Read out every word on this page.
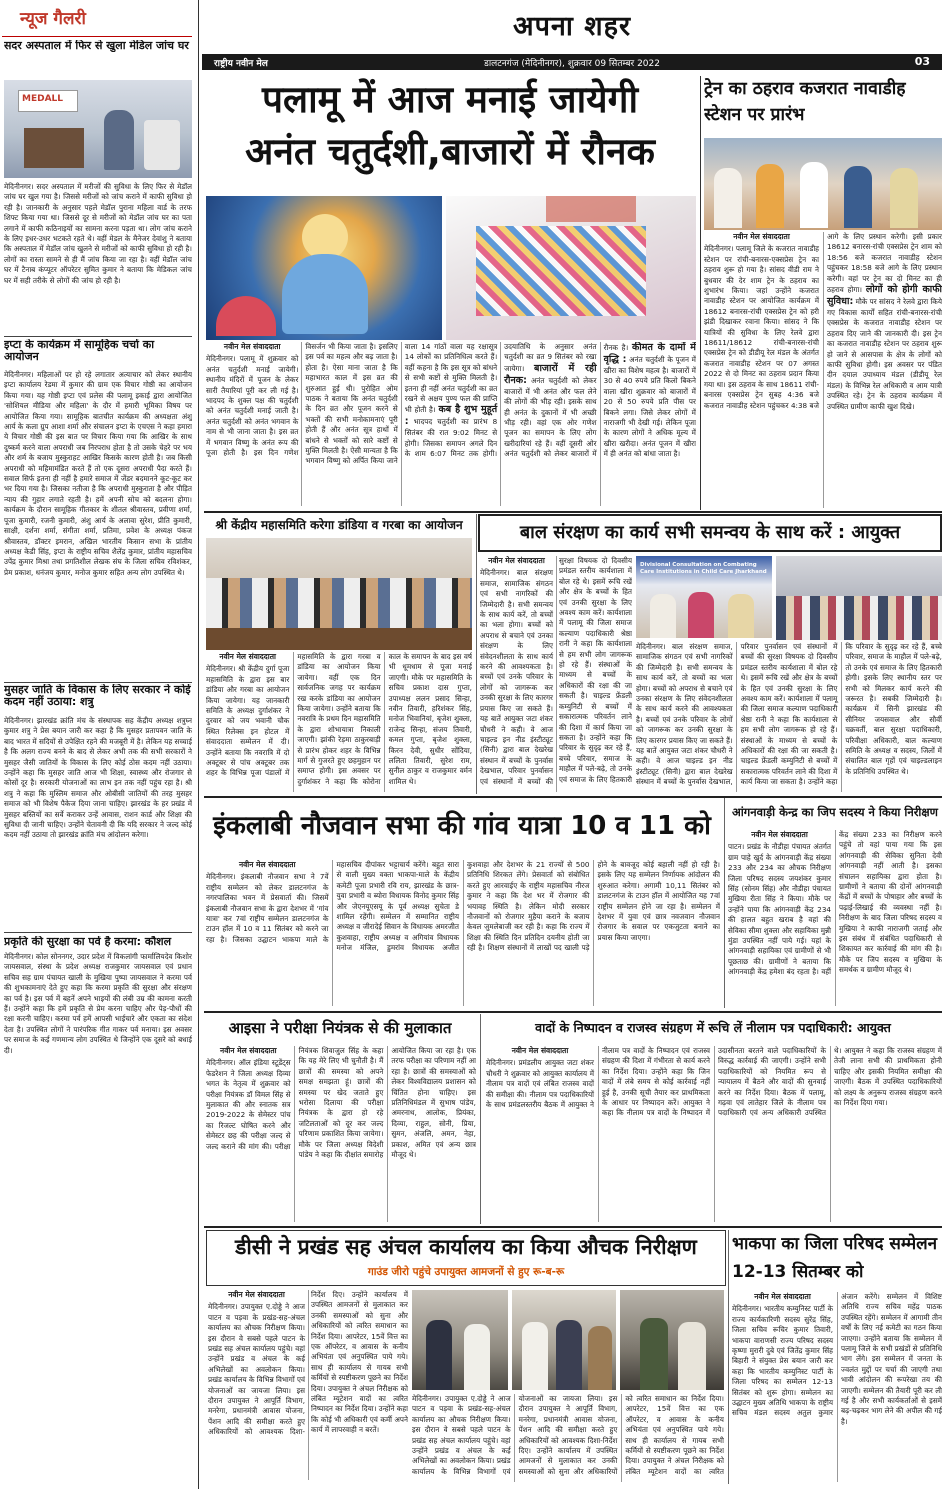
न्यूज गैलरी
सदर अस्पताल में फिर से खुला मेडिल जांच घर
MEDALL
मेदिनीनगर। सदर अस्पताल में मरीजों की सुविधा के लिए फिर से मेडॉल जांच घर खुल गया है। जिससे मरीजों को जांच कराने में काफी सुविधा हो रही है। जानकारी के अनुसार पहले मेडॉल पुराना महिला वार्ड के तरफ शिफ्ट किया गया था। जिससे दूर से मरीजों को मेडॉल जांच घर का पता लगाने में काफी कठिनाइयों का सामना करना पड़ता था। लोग जांच कराने के लिए इधर-उधर भटकते रहते थे। वहीं मेडल के मैनेजर देवांशु ने बताया कि अस्पताल में मेडॉल जांच खुलने से मरीजों को काफी सुविधा हो रही है। लोगों का रास्ता सामने से ही मैं जांच किया जा रहा है। वहीं मेडॉल जांच घर में टैनाब कंप्यूटर ऑपरेटर सुमित कुमार ने बताया कि मेडिकल जांच घर में सही तरीके से लोगों की जांच हो रही है।
इप्टा के कार्यक्रम में सामूहिक चर्चा का आयोजन
मेदिनीनगर। महिलाओं पर हो रहे लगातार अत्याचार को लेकर स्थानीय इप्टा कार्यालय रेडमा में कुमार की ग्राम एक विचार गोष्ठी का आयोजन किया गया। यह गोष्ठी इप्टा एवं प्रलेस की पलामू इकाई द्वारा आयोजित 'सोशियल मीडिया और महिला' के दौर में हमारी भूमिका विषय पर आयोजित किया गया। सामूहिक बातचीत कार्यक्रम की अध्यक्षता अंशु आर्य के कला ग्रुप आशा शर्मा और संचालन इप्टा के एचएस ने कहा हमारा ये विचार गोष्ठी की इस बात पर विचार किया गया कि आखिर के साथ दुष्कर्म करने वाला अपराधी जब निरपराध होता है तो उसके चेहरे पर भय और शर्म के बजाय मुस्कुराहट आखिर किसके कारण होती है। जब किसी अपराधी को महिमामंडित करते हैं तो एक दूसरा अपराधी पैदा करते हैं। सवाल सिर्फ इतना ही नहीं है हमारे समाज में जेंडर बदमानने कूट-कूट कर भर दिया गया है। जिसका नतीजा है कि अपराधी मुस्कुराता है और पीड़ित न्याय की गुहार लगाते रहती है। हमें अपनी सोच को बदलना होगा। कार्यक्रम के दौरान सामूहिक गीतकार के शीतल श्रीवास्तव, प्रवीणा शर्मा, पूजा कुमारी, रजनी कुमारी, अंशु आर्य के अलावा सुरेश, प्रीति कुमारी, साक्षी, दर्शना शर्मा, संगीता शर्मा, प्रतिमा, प्रवेश के अध्यक्ष पंकज श्रीवास्तव, डॉक्टर इमरान, अखिल भारतीय किसान सभा के प्रांतीय अध्यक्ष केडी सिंह, इप्टा के राष्ट्रीय सचिव शैलेंद्र कुमार, प्रांतीय महासचिव उपेंद्र कुमार मिश्रा तथा प्रगतिशील लेखक संघ के जिला सचिव रविशंकर, प्रेम प्रकाश, धनंजय कुमार, मनोज कुमार सहित अन्य लोग उपस्थित थे।
मुसहर जाति के विकास के लिए सरकार ने कोई कदम नहीं उठाया: शत्रु
मेदिनीनगर। झारखंड क्रांति मंच के संस्थापक सह केंद्रीय अध्यक्ष शत्रुघ्न कुमार शत्रु ने प्रेस बयान जारी कर कहा है कि मुसहर प्रतापवन जाति के बाद भारत में सदियों से उपेक्षित रहने की मजबूरी में है। लेकिन यह सच्चाई है कि अलग राज्य बनने के बाद से लेकर अभी तक की सभी सरकारों ने मुसहर जैसी जातियों के विकास के लिए कोई ठोस कदम नहीं उठाया। उन्होंने कहा कि मुसहर जाति आज भी शिक्षा, स्वास्थ्य और रोजगार से कोसों दूर है। सरकारी योजनाओं का लाभ इन तक नहीं पहुंच रहा है। श्री शत्रु ने कहा कि मुस्लिम समाज और ओबीसी जातियों की तरह मुसहर समाज को भी विशेष पैकेज दिया जाना चाहिए। झारखंड के हर प्रखंड में मुसहर बस्तियों का सर्वे कराकर उन्हें आवास, राशन कार्ड और शिक्षा की सुविधा दी जानी चाहिए। उन्होंने चेतावनी दी कि यदि सरकार ने जल्द कोई कदम नहीं उठाया तो झारखंड क्रांति मंच आंदोलन करेगा।
प्रकृति की सुरक्षा का पर्व है करमा: कौशल
मेदिनीनगर। कोल सोननगर, उदार प्रदेश में विकलांगी फार्मालियदेव किशोर जायसवाल, संस्था के प्रदेश अध्यक्ष राजकुमार जायसवाल एवं प्रधान सचिव सह ग्राम पंचायत खाली के मुखिया पुष्पा जायसवाल ने करमा पर्व की शुभकामनाएं देते हुए कहा कि करमा प्रकृति की सुरक्षा और संरक्षण का पर्व है। इस पर्व में बहनें अपने भाइयों की लंबी उम्र की कामना करती हैं। उन्होंने कहा कि हमें प्रकृति से प्रेम करना चाहिए और पेड़-पौधों की रक्षा करनी चाहिए। करमा पर्व हमें आपसी भाईचारे और एकता का संदेश देता है। उपस्थित लोगों ने पारंपरिक गीत गाकर पर्व मनाया। इस अवसर पर समाज के कई गणमान्य लोग उपस्थित थे जिन्होंने एक दूसरे को बधाई दी।
अपना शहर
राष्ट्रीय नवीन मेल	डालटनगंज (मेदिनीनगर), शुक्रवार 09 सितम्बर 2022	03
पलामू में आज मनाई जायेगी
अनंत चतुर्दशी,बाजारों में रौनक
नवीन मेल संवाददाता
मेदिनीनगर। पलामू में शुक्रवार को अनंत चतुर्दशी मनाई जायेगी। स्थानीय मंदिरों में पूजन के लेकर सारी तैयारियां पूरी कर ली गई है। भादपद के शुक्ल पक्ष की चतुर्दशी को अनंत चतुर्दशी मनाई जाती है। अनंत चतुर्दशी को अनंत भगवान के नाम से भी जाना जाता है। इस व्रत में भगवान विष्णु के अनंत रूप की पूजा होती है। इस दिन गणेश विसर्जन भी किया जाता है। इसलिए इस पर्व का महत्व और बढ़ जाता है। होता है। ऐसा माना जाता है कि महाभारत काल में इस व्रत की शुरुआत हुई थी। पुरोहित ओम पाठक ने बताया कि अनंत चतुर्दशी के दिन व्रत और पूजन करने से भक्तों की सभी मनोकामनाएं पूरी होती हैं और अनंत सूत्र हाथों में बांधने से भक्तों को सारे कष्टों से मुक्ति मिलती है। ऐसी मान्यता है कि भगवान विष्णु को अर्पित किया जाने वाला 14 गांठों वाला यह रक्षासूत्र 14 लोकों का प्रतिनिधित्व करते हैं। वहीं कहना है कि इस सूत्र को बांधने से सभी कष्टों से मुक्ति मिलती है। इतना ही नहीं अनंत चतुर्दशी का व्रत रखने से अक्षय पुण्य फल की प्राप्ति भी होती है। कब है शुभ मुहूर्त : भादपद चतुर्दशी का प्रारंभ 8 सितंबर की रात 9:02 मिनट से होगी। जिसका समापन अगले दिन के शाम 6:07 मिनट तक होगी। उदयातिथि के अनुसार अनंत चतुर्दशी का व्रत 9 सितंबर को रखा जायेगा। बाजारों में रही रौनक: अनंत चतुर्दशी को लेकर बाजारों में भी अनंत और फल लेने की लोगों की भीड़ रही। इसके साथ ही अनंत के दुकानों में भी अच्छी भीड़ रही। वहां एक ओर गणेश पूजन का समापन के लिए लोग खरीदारियां रहे हैं। वहीं दूसरी ओर अनंत चतुर्दशी को लेकर बाजारों में रौनक है। कीमत के दामों में वृद्धि : अनंत चतुर्दशी के पूजन में खीरा का विशेष महत्व है। बाजारों में 30 से 40 रुपये प्रति किलो बिकने वाला खीरा शुक्रवार को बाजारों में 20 से 50 रुपये प्रति पीस पर बिकने लगा। जिसे लेकर लोगों में नाराजगी भी देखी गई। लेकिन पूजा के कारण लोगों ने अधिक मूल्य में खीरा खरीदा। अनंत पूजन में खीरा में ही अनंत को बांधा जाता है।
ट्रेन का ठहराव कजरात नावाडीह स्टेशन पर प्रारंभ
नवीन मेल संवाददाता
मेदिनीनगर। पलामू जिले के कजरात नावाडीह स्टेशन पर रांची-बनारस-एक्सप्रेस ट्रेन का ठहराव शुरू हो गया है। सांसद वीडी राम ने बुधवार की देर शाम ट्रेन के ठहराव का शुभारंभ किया। जहां उन्होंने कजरात नावाडीह स्टेशन पर आयोजित कार्यक्रम में 18612 बनारस-रांची एक्सप्रेस ट्रेन को हरी झंडी दिखाकर रवाना किया। सांसद ने कि यात्रियों की सुविधा के लिए रेलवे द्वारा 18611/18612 रांची-बनारस-रांची एक्सप्रेस ट्रेन को डीडीयू रेल मंडल के अंतर्गत कजरात नावाडीह स्टेशन पर 07 अगस्त 2022 से दो मिनट का ठहराव प्रदान किया गया था। इस ठहराव के साथ 18611 रांची-बनारस एक्सप्रेस ट्रेन सुबह 4:36 बजे कजरात नावाडीह स्टेशन पहुंचकर 4:38 बजे आगे के लिए प्रस्थान करेगी। इसी प्रकार 18612 बनारस-रांची एक्सप्रेस ट्रेन शाम को 18:56 बजे कजरात नावाडीह स्टेशन पहुंचकर 18:58 बजे आगे के लिए प्रस्थान करेगी। वहां पर ट्रेन का दो मिनट का ही ठहराव होगा। लोगों को होगी काफी सुविधा: मौके पर सांसद ने रेलवे द्वारा किये गए विकास कार्यों सहित रांची-बनारस-रांची एक्सप्रेस के कजरात नावाडीह स्टेशन पर ठहराव दिए जाने की जानकारी दी। इस ट्रेन का कजरात नावाडीह स्टेशन पर ठहराव शुरू हो जाने से आसपास के क्षेत्र के लोगों को काफी सुविधा होगी। इस अवसर पर पंडित दीन दयाल उपाध्याय मंडल (डीडीयू रेल मंडल) के विभिन्न रेल अधिकारी व आम यात्री उपस्थित रहे। ट्रेन के ठहराव कार्यक्रम में उपस्थित ग्रामीण काफी खुश दिखे।
श्री केंद्रीय महासमिति करेगा डांडिया व गरबा का आयोजन
नवीन मेल संवाददाता
मेदिनीनगर। श्री केंद्रीय दुर्गा पूजा महासमिति के द्वारा इस बार डांडिया और गरबा का आयोजन किया जायेगा। यह जानकारी समिति के अध्यक्ष दुर्गाशंकर ने दुरवार को जय भवानी चौक स्थित रिलेक्स इन होटल में संवाददाता सम्मेलन में दी। उन्होंने बताया कि नवरात्रि में दो अक्टूबर से पांच अक्टूबर तक शहर के विभिन्न पूजा पंडालों में महासमिति के द्वारा गरबा व डांडिया का आयोजन किया जायेगा। वहीं एक दिन सार्वजनिक जगह पर कार्यक्रम रख करके डांडिया का आयोजन किया जायेगा। उन्होंने बताया कि नवरात्रि के प्रथम दिन महासमिति के द्वारा शोभायात्रा निकाली जाएगी। झांकी रेड़मा ठाकुरबाड़ी से प्रारंभ होकर शहर के विभिन्न मार्ग से गुजरते हुए छहमुहान पर समाप्त होगी। इस अवसर पर दुर्गाशंकर ने कहा कि कोरोना काल के समापन के बाद इस वर्ष भी धूमधाम से पूजा मनाई जाएगी। मौके पर महासमिति के सचिव प्रकाश दास गुप्ता, उपाध्यक्ष ललन प्रसाद सिन्हा, नवीन तिवारी, हरिशंकर सिंह, मनोज भिवानियां, बृजेश शुक्ला, राजेन्द्र सिन्हा, संजय तिवारी, कमल गुप्ता, बृजेश शुक्ला, किरन देवी, सुधीर सोंदिया, ललिता तिवारी, सुरेश राम, सुनील ठाकुर व राजकुमार वर्मन शामिल थे।
बाल संरक्षण का कार्य सभी समन्वय के साथ करें : आयुक्त
Divisional Consultation on Combating Care Institutions in Child Care Jharkhand
नवीन मेल संवाददाता
मेदिनीनगर। बाल संरक्षण समाज, सामाजिक संगठन एवं सभी नागरिकों की जिम्मेदारी है। सभी समन्वय के साथ कार्य करें, तो बच्चों का भला होगा। बच्चों को अपराध से बचाने एवं उनका संरक्षण के लिए संवेदनशीलता के साथ कार्य करने की आवश्यकता है। बच्चों एवं उनके परिवार के लोगों को जागरूक कर उनकी सुरक्षा के लिए कारगर प्रयास किए जा सकते हैं। यह बातें आयुक्त जटा शंकर चौधरी ने कही। वे आज चाइल्ड इन नीड इंस्टीट्यूट (सिनी) द्वारा बाल देखरेख संस्थान में बच्चों के पुनर्वास देखभाल, परिवार पुनर्वासन एवं संस्थानों में बच्चों की सुरक्षा विषयक दो दिवसीय प्रमंडल स्तरीय कार्यशाला में बोल रहे थे। इसमें रूचि रखें और क्षेत्र के बच्चों के हित एवं उनकी सुरक्षा के लिए अवश्य काम करें। कार्यशाला में पलामू की जिला समाज कल्याण पदाधिकारी श्रेष्ठा रानी ने कहा कि कार्यशाला से हम सभी लोग जागरूक हो रहे हैं। संस्थाओं के माध्यम से बच्चों के अधिकारों की रक्षा की जा सकती है। चाइल्ड फ्रेंडली कम्युनिटी से बच्चों में सकारात्मक परिवर्तन लाने की दिशा में कार्य किया जा सकता है। उन्होंने कहा कि परिवार के सुदृढ़ कर रहे हैं, बच्चे परिवार, समाज के माहौल में पले-बढ़े, तो उनके एवं समाज के लिए हितकारी
मेदिनीनगर। बाल संरक्षण समाज, सामाजिक संगठन एवं सभी नागरिकों की जिम्मेदारी है। सभी समन्वय के साथ कार्य करें, तो बच्चों का भला होगा। बच्चों को अपराध से बचाने एवं उनका संरक्षण के लिए संवेदनशीलता के साथ कार्य करने की आवश्यकता है। बच्चों एवं उनके परिवार के लोगों को जागरूक कर उनकी सुरक्षा के लिए कारगर प्रयास किए जा सकते हैं। यह बातें आयुक्त जटा शंकर चौधरी ने कही। वे आज चाइल्ड इन नीड इंस्टीट्यूट (सिनी) द्वारा बाल देखरेख संस्थान में बच्चों के पुनर्वास देखभाल, परिवार पुनर्वासन एवं संस्थानों में बच्चों की सुरक्षा विषयक दो दिवसीय प्रमंडल स्तरीय कार्यशाला में बोल रहे थे। इसमें रूचि रखें और क्षेत्र के बच्चों के हित एवं उनकी सुरक्षा के लिए अवश्य काम करें। कार्यशाला में पलामू की जिला समाज कल्याण पदाधिकारी श्रेष्ठा रानी ने कहा कि कार्यशाला से हम सभी लोग जागरूक हो रहे हैं। संस्थाओं के माध्यम से बच्चों के अधिकारों की रक्षा की जा सकती है। चाइल्ड फ्रेंडली कम्युनिटी से बच्चों में सकारात्मक परिवर्तन लाने की दिशा में कार्य किया जा सकता है। उन्होंने कहा कि परिवार के सुदृढ़ कर रहे हैं, बच्चे परिवार, समाज के माहौल में पले-बढ़े, तो उनके एवं समाज के लिए हितकारी होगी। इसके लिए स्थानीय स्तर पर सभी को मिलकर कार्य करने की जरूरत है। सबकी जिम्मेदारी है। कार्यक्रम में सिनी झारखंड की सीनियर जयसवाल और सौर्वी चक्रवर्ती, बाल सुरक्षा पदाधिकारी, परिवीक्षा अधिकारी, बाल कल्याण समिति के अध्यक्ष व सदस्य, जिलों में संचालित बाल गृहों एवं चाइल्डलाइन के प्रतिनिधि उपस्थित थे।
इंकलाबी नौजवान सभा की गांव यात्रा 10 व 11 को
नवीन मेल संवाददाता
मेदिनीनगर। इंकलाबी नौजवान सभा ने 7वें राष्ट्रीय सम्मेलन को लेकर डालटनगंज के नगरपालिका भवन में प्रेसवार्ता की। जिसमें इंकलाबी नौजवान सभा के द्वारा देशभर में 'गांव यात्रा' कर 7वां राष्ट्रीय सम्मेलन डालटनगंज के टाउन हॉल में 10 व 11 सितंबर को करने जा रहा है। जिसका उद्घाटन भाकपा माले के महासचिव दीपांकर भट्टाचार्य करेंगे। बहुत सारा से वाली मुख्य वक्ता भाकपा-माले के केंद्रीय कमेटी पूजा प्रभारी रवि राय, झारखंड के छात्र-युवा प्रभारी व ब्योरा विधायक विनोद कुमार सिंह और जेएनयूएसयू के पूर्व अध्यक्ष सुचेता डे शामिल रहेंगी। सम्मेलन में सम्मानित राष्ट्रीय अध्यक्ष व जीरादेई सिवान के विधायक अमरजीत कुशवाहा, राष्ट्रीय अध्यक्ष व अगियांव विधायक मनोज मंजिल, डुमरांव विधायक अजीत कुशवाहा और देशभर के 21 राज्यों से 500 प्रतिनिधि शिरकत लेंगे। प्रेसवार्ता को संबोधित करते हुए आरवाईए के राष्ट्रीय महासचिव नीरज कुमार ने कहा कि देश भर में रोजगार की भयावह स्थिति है। लेकिन मोदी सरकार नौजवानों को रोजगार मुहैया कराने के बजाय केवल जुमलेबाजी कर रही है। कहा कि राज्य में शिक्षा की स्थिति दिन प्रतिदिन दयनीय होती जा रही है। शिक्षण संस्थानों में लाखों पद खाली पड़े होने के बावजूद कोई बहाली नहीं हो रही है। इसके लिए यह सम्मेलन निर्णायक आंदोलन की शुरुआत करेगा। अगामी 10,11 सितंबर को डालटनगंज के टाउन हॉल में आयोजित यह 7वां राष्ट्रीय सम्मेलन होने जा रहा है। सम्मेलन में देशभर में युवा एवं छात्र नवजवान नौजवान रोजगार के सवाल पर एकजुटता बनाने का प्रयास किया जाएगा।
आंगनवाड़ी केन्द्र का जिप सदस्य ने किया निरीक्षण
नवीन मेल संवाददाता
पाटन। प्रखंड के नौडीहा पंचायत अंतर्गत ग्राम पाहे खुर्द के आंगनवाड़ी केंद्र संख्या 233 और 234 का औचक निरीक्षण जिला परिषद सदस्य जयशंकर कुमार सिंह (सोनम सिंह) और नौडीहा पंचायत मुखिया रीता सिंह ने किया। मौके पर उन्होंने पाया कि आंगनवाड़ी केंद्र 234 की हालत बहुत खराब है वहां की सेविका सीमा शुक्ला और सहायिका मुन्नी मुंडा उपस्थित नहीं पाये गई। यहां के आंगनवाड़ी सहायिका एवं ग्रामीणों से भी पूछताछ की। ग्रामीणों ने बताया कि आंगनवाड़ी केंद्र हमेशा बंद रहता है। वहीं केंद्र संख्या 233 का निरीक्षण करने पहुंचे तो वहां पाया गया कि इस आंगनवाड़ी की सेविका सुनिता देवी आंगनवाड़ी नहीं आती है। इसका संचालन सहायिका द्वारा होता है। ग्रामीणों ने बताया की दोनों आंगनवाड़ी केंद्रों में बच्चों के पोषाहार और बच्चों के पढ़ाई-लिखाई की व्यवस्था नहीं है। निरीक्षण के बाद जिला परिषद सदस्य व मुखिया ने काफी नाराजगी जताई और इस संबंध में संबंधित पदाधिकारी से शिकायत कर कार्रवाई की मांग की है। मौके पर जिप सदस्य व मुखिया के समर्थक व ग्रामीण मौजूद थे।
आइसा ने परीक्षा नियंत्रक से की मुलाकात
नवीन मेल संवाददाता
मेदिनीनगर। ऑल इंडिया स्टूडेंट्स फेडरेशन ने जिला अध्यक्ष दिव्या भगत के नेतृत्व में शुक्रवार को परीक्षा नियंत्रक डॉ विमल सिंह से मुलाकात की और स्नातक सत्र 2019-2022 के सेमेस्टर पांच का रिजल्ट घोषित करने और सेमेस्टर छह की परीक्षा जल्द से जल्द कराने की मांग की। परीक्षा नियंत्रक शिवाजुल सिंह के कहा कि यह मेरे लिए भी चुनौती है। मैं छात्रों की समस्या को अपने समक्ष समझता हूं। छात्रों की समस्या पर खेद जताते हुए भरोसा दिलाया की परीक्षा नियंत्रक के द्वारा हो रहे जटिलताओं को दूर कर जल्द परिणाम प्रकाशित किया जायेगा। मौके पर जिला अध्यक्ष विदेशी पांडेय ने कहा कि दीक्षांत समारोह आयोजित किया जा रहा है। एक तरफ परीक्षा का परिणाम नहीं आ रहा है। छात्रों की समस्याओं को लेकर विश्वविद्यालय प्रशासन को चिंतित होना चाहिए। इस प्रतिनिधिमंडल में सुभाष पांडेय, अमरनाथ, आलोक, प्रियंका, दिव्या, राहुल, सोनी, प्रिया, सुमन, अंजलि, अमन, नेहा, प्रकाश, अमित एवं अन्य छात्र मौजूद थे।
वादों के निष्पादन व राजस्व संग्रहण में रूचि लें नीलाम पत्र पदाधिकारी: आयुक्त
नवीन मेल संवाददाता
मेदिनीनगर। प्रमंडलीय आयुक्त जटा शंकर चौधरी ने शुक्रवार को आयुक्त कार्यालय में नीलाम पत्र वादों एवं लंबित राजस्व वादों की समीक्षा की। नीलाम पत्र पदाधिकारियों के साथ प्रमंडलस्तरीय बैठक में आयुक्त ने नीलाम पत्र वादों के निष्पादन एवं राजस्व संग्रहण की दिशा में गंभीरता से कार्य करने का निर्देश दिया। उन्होंने कहा कि जिन वादों में लंबे समय से कोई कार्रवाई नहीं हुई है, उनकी सूची तैयार कर प्राथमिकता के आधार पर निष्पादन करें। आयुक्त ने कहा कि नीलाम पत्र वादों के निष्पादन में उदासीनता बरतने वाले पदाधिकारियों के विरुद्ध कार्रवाई की जाएगी। उन्होंने सभी पदाधिकारियों को नियमित रूप से न्यायालय में बैठने और वादों की सुनवाई करने का निर्देश दिया। बैठक में पलामू, गढ़वा एवं लातेहार जिले के नीलाम पत्र पदाधिकारी एवं अन्य अधिकारी उपस्थित थे। आयुक्त ने कहा कि राजस्व संग्रहण में तेजी लाना सभी की प्राथमिकता होनी चाहिए और इसकी नियमित समीक्षा की जाएगी। बैठक में उपस्थित पदाधिकारियों को लक्ष्य के अनुरूप राजस्व संग्रहण करने का निर्देश दिया गया।
डीसी ने प्रखंड सह अंचल कार्यालय का किया औचक निरीक्षण
गाउंड जीरो पहुंचे उपायुक्त आमजनों से हुए रू-ब-रू
नवीन मेल संवाददाता
मेदिनीनगर। उपायुक्त ए.दोड्डे ने आज पाटन व पड़वा के प्रखंड-सह-अंचल कार्यालय का औचक निरीक्षण किया। इस दौरान वे सबसे पहले पाटन के प्रखंड सह अंचल कार्यालय पहुंचे। वहां उन्होंने प्रखंड व अंचल के कई अभिलेखों का अवलोकन किया। प्रखंड कार्यालय के विभिन्न विभागों एवं योजनाओं का जायजा लिया। इस दौरान उपायुक्त ने आपूर्ति विभाग, मनरेगा, प्रधानमंत्री आवास योजना, पेंशन आदि की समीक्षा करते हुए अधिकारियों को आवश्यक दिशा-निर्देश दिए। उन्होंने कार्यालय में उपस्थित आमजनों से मुलाकात कर उनकी समस्याओं को सुना और अधिकारियों को त्वरित समाधान का निर्देश दिया। आपरेटर, 15वें वित्त का एक ऑपरेटर, व आवास के कनीय अभियंता एवं अनुपस्थित पाये गये। साथ ही कार्यालय से गायब सभी कर्मियों से स्पष्टीकरण पूछने का निर्देश दिया। उपायुक्त ने अंचल निरीक्षक को लंबित म्यूटेशन वादों का त्वरित निष्पादन का निर्देश दिया। उन्होंने कहा कि कोई भी अधिकारी एवं कर्मी अपने कार्य में लापरवाही न बरतें।
मेदिनीनगर। उपायुक्त ए.दोड्डे ने आज पाटन व पड़वा के प्रखंड-सह-अंचल कार्यालय का औचक निरीक्षण किया। इस दौरान वे सबसे पहले पाटन के प्रखंड सह अंचल कार्यालय पहुंचे। वहां उन्होंने प्रखंड व अंचल के कई अभिलेखों का अवलोकन किया। प्रखंड कार्यालय के विभिन्न विभागों एवं योजनाओं का जायजा लिया। इस दौरान उपायुक्त ने आपूर्ति विभाग, मनरेगा, प्रधानमंत्री आवास योजना, पेंशन आदि की समीक्षा करते हुए अधिकारियों को आवश्यक दिशा-निर्देश दिए। उन्होंने कार्यालय में उपस्थित आमजनों से मुलाकात कर उनकी समस्याओं को सुना और अधिकारियों को त्वरित समाधान का निर्देश दिया। आपरेटर, 15वें वित्त का एक ऑपरेटर, व आवास के कनीय अभियंता एवं अनुपस्थित पाये गये। साथ ही कार्यालय से गायब सभी कर्मियों से स्पष्टीकरण पूछने का निर्देश दिया। उपायुक्त ने अंचल निरीक्षक को लंबित म्यूटेशन वादों का त्वरित
भाकपा का जिला परिषद सम्मेलन 12-13 सितम्बर को
नवीन मेल संवाददाता
मेदिनीनगर। भारतीय कम्युनिस्ट पार्टी के राज्य कार्यकारिणी सदस्य सुरेंद्र सिंह, जिला सचिव रूचिर कुमार तिवारी, भाकपा वाराणसी राज्य परिषद सदस्य कृष्णा मुरारी दुबे एवं जितेंद्र कुमार सिंह बिहारी ने संयुक्त प्रेस बयान जारी कर कहा कि भारतीय कम्युनिस्ट पार्टी के जिला परिषद का सम्मेलन 12-13 सितंबर को शुरू होगा। सम्मेलन का उद्घाटन मुख्य अतिथि भाकपा के राष्ट्रीय सचिव मंडल सदस्य अतुल कुमार अंजान करेंगे। सम्मेलन में विशिष्ट अतिथि राज्य सचिव महेंद्र पाठक उपस्थित रहेंगे। सम्मेलन में आगामी तीन वर्षों के लिए नई कमेटी का गठन किया जाएगा। उन्होंने बताया कि सम्मेलन में पलामू जिले के सभी प्रखंडों से प्रतिनिधि भाग लेंगे। इस सम्मेलन में जनता के ज्वलंत मुद्दों पर चर्चा की जाएगी तथा भावी आंदोलन की रूपरेखा तय की जाएगी। सम्मेलन की तैयारी पूरी कर ली गई है और सभी कार्यकर्ताओं से इसमें बढ़-चढ़कर भाग लेने की अपील की गई है।
